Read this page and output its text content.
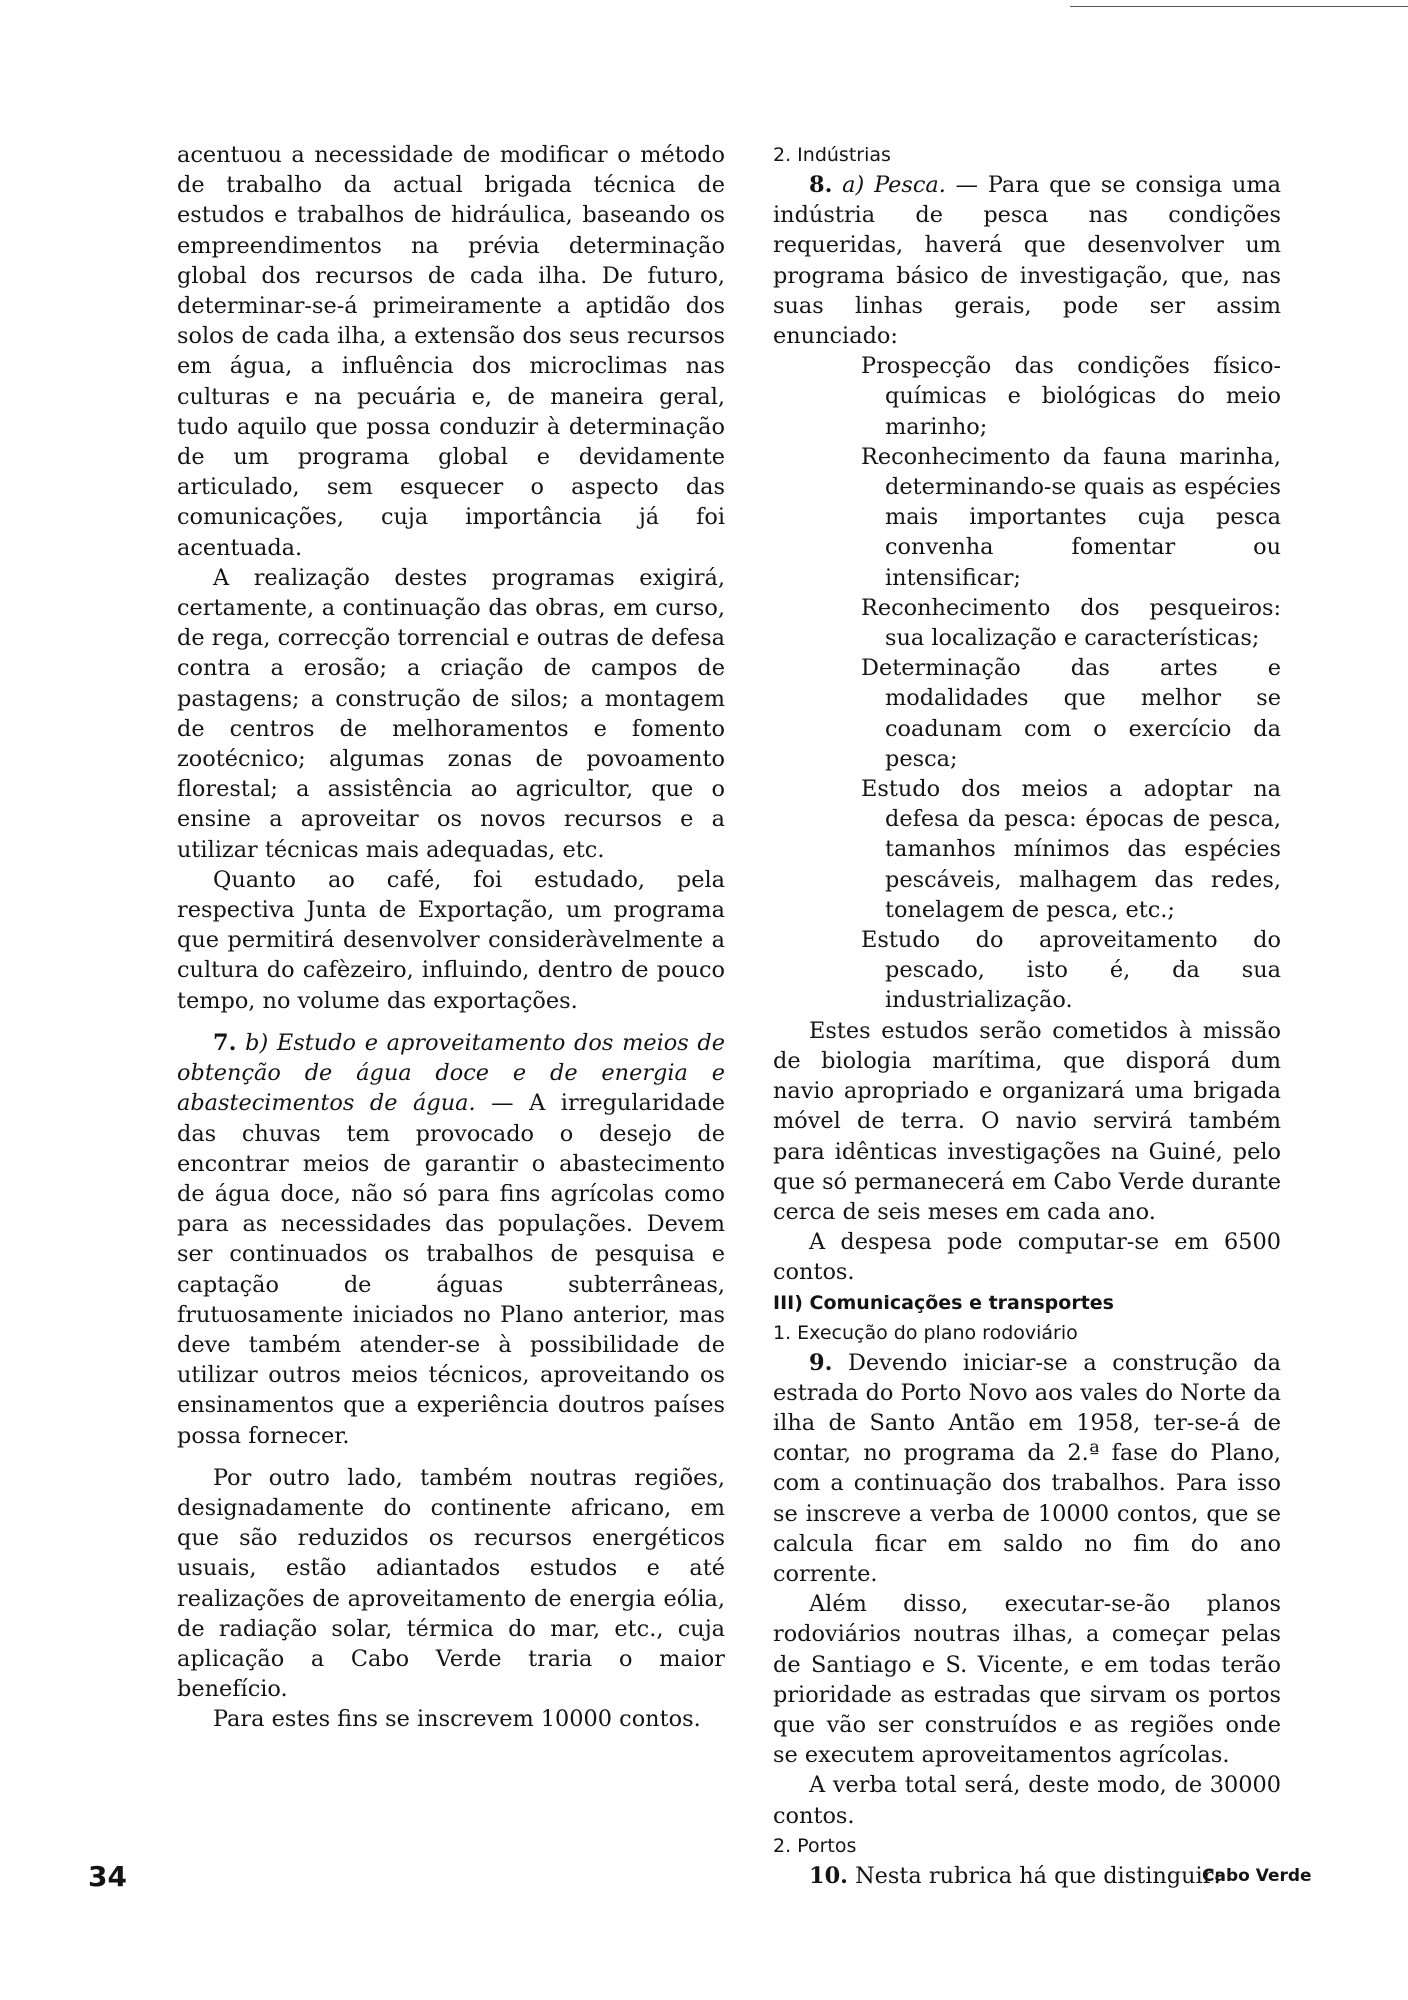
acentuou a necessidade de modificar o método de trabalho da actual brigada técnica de estudos e trabalhos de hidráulica, baseando os empreendimentos na prévia determinação global dos recursos de cada ilha. De futuro, determinar-se-á primeiramente a aptidão dos solos de cada ilha, a extensão dos seus recursos em água, a influência dos microclimas nas culturas e na pecuária e, de maneira geral, tudo aquilo que possa conduzir à determinação de um programa global e devidamente articulado, sem esquecer o aspecto das comunicações, cuja importância já foi acentuada.

A realização destes programas exigirá, certamente, a continuação das obras, em curso, de rega, correcção torrencial e outras de defesa contra a erosão; a criação de campos de pastagens; a construção de silos; a montagem de centros de melhoramentos e fomento zootécnico; algumas zonas de povoamento florestal; a assistência ao agricultor, que o ensine a aproveitar os novos recursos e a utilizar técnicas mais adequadas, etc.

Quanto ao café, foi estudado, pela respectiva Junta de Exportação, um programa que permitirá desenvolver consideràvelmente a cultura do cafèzeiro, influindo, dentro de pouco tempo, no volume das exportações.

7. b) Estudo e aproveitamento dos meios de obtenção de água doce e de energia e abastecimentos de água. — A irregularidade das chuvas tem provocado o desejo de encontrar meios de garantir o abastecimento de água doce, não só para fins agrícolas como para as necessidades das populações. Devem ser continuados os trabalhos de pesquisa e captação de águas subterrâneas, frutuosamente iniciados no Plano anterior, mas deve também atender-se à possibilidade de utilizar outros meios técnicos, aproveitando os ensinamentos que a experiência doutros países possa fornecer.

Por outro lado, também noutras regiões, designadamente do continente africano, em que são reduzidos os recursos energéticos usuais, estão adiantados estudos e até realizações de aproveitamento de energia eólia, de radiação solar, térmica do mar, etc., cuja aplicação a Cabo Verde traria o maior benefício.

Para estes fins se inscrevem 10000 contos.

2. Indústrias

8. a) Pesca. — Para que se consiga uma indústria de pesca nas condições requeridas, haverá que desenvolver um programa básico de investigação, que, nas suas linhas gerais, pode ser assim enunciado:

Prospecção das condições físico-químicas e biológicas do meio marinho;
Reconhecimento da fauna marinha, determinando-se quais as espécies mais importantes cuja pesca convenha fomentar ou intensificar;
Reconhecimento dos pesqueiros: sua localização e características;
Determinação das artes e modalidades que melhor se coadunam com o exercício da pesca;
Estudo dos meios a adoptar na defesa da pesca: épocas de pesca, tamanhos mínimos das espécies pescáveis, malhagem das redes, tonelagem de pesca, etc.;
Estudo do aproveitamento do pescado, isto é, da sua industrialização.

Estes estudos serão cometidos à missão de biologia marítima, que disporá dum navio apropriado e organizará uma brigada móvel de terra. O navio servirá também para idênticas investigações na Guiné, pelo que só permanecerá em Cabo Verde durante cerca de seis meses em cada ano.

A despesa pode computar-se em 6500 contos.

III) Comunicações e transportes

1. Execução do plano rodoviário

9. Devendo iniciar-se a construção da estrada do Porto Novo aos vales do Norte da ilha de Santo Antão em 1958, ter-se-á de contar, no programa da 2.ª fase do Plano, com a continuação dos trabalhos. Para isso se inscreve a verba de 10000 contos, que se calcula ficar em saldo no fim do ano corrente.

Além disso, executar-se-ão planos rodoviários noutras ilhas, a começar pelas de Santiago e S. Vicente, e em todas terão prioridade as estradas que sirvam os portos que vão ser construídos e as regiões onde se executem aproveitamentos agrícolas.

A verba total será, deste modo, de 30000 contos.

2. Portos

10. Nesta rubrica há que distinguir:

34	Cabo Verde
